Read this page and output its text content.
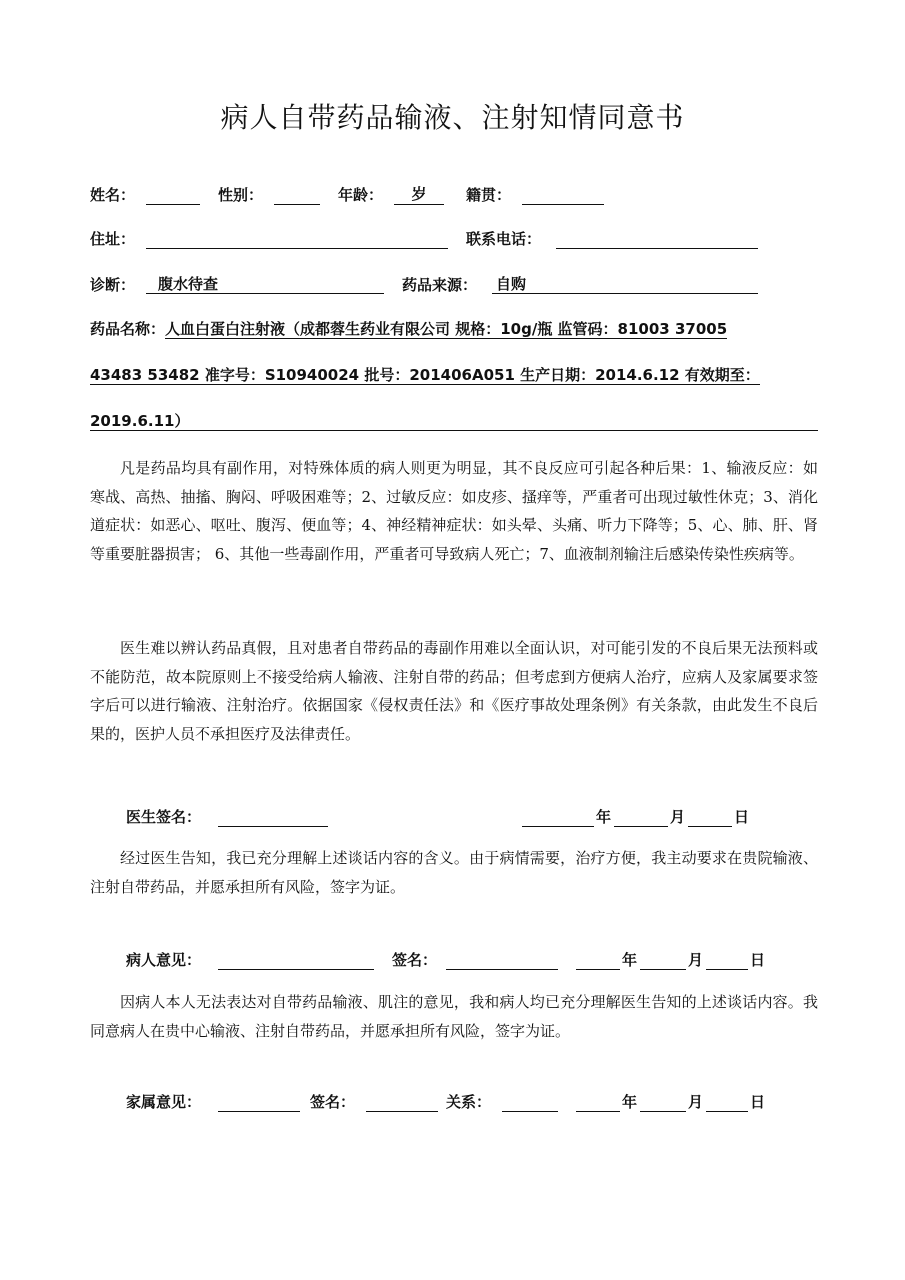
病人自带药品输液、注射知情同意书
姓名：	性别：	年龄：	岁	籍贯：
住址：	联系电话：
诊断：	腹水待查	药品来源： 自购
药品名称：人血白蛋白注射液（成都蓉生药业有限公司 规格：10g/瓶 监管码：81003 37005
43483 53482 准字号：S10940024 批号：201406A051 生产日期：2014.6.12 有效期至：
2019.6.11）

凡是药品均具有副作用，对特殊体质的病人则更为明显，其不良反应可引起各种后果：1、输液反应：如寒战、高热、抽搐、胸闷、呼吸困难等；2、过敏反应：如皮疹、搔痒等，严重者可出现过敏性休克；3、消化道症状：如恶心、呕吐、腹泻、便血等；4、神经精神症状：如头晕、头痛、听力下降等；5、心、肺、肝、肾等重要脏器损害； 6、其他一些毒副作用，严重者可导致病人死亡；7、血液制剂输注后感染传染性疾病等。

医生难以辨认药品真假，且对患者自带药品的毒副作用难以全面认识，对可能引发的不良后果无法预料或不能防范，故本院原则上不接受给病人输液、注射自带的药品；但考虑到方便病人治疗，应病人及家属要求签字后可以进行输液、注射治疗。依据国家《侵权责任法》和《医疗事故处理条例》有关条款，由此发生不良后果的，医护人员不承担医疗及法律责任。

医生签名：	年	月	日

经过医生告知，我已充分理解上述谈话内容的含义。由于病情需要，治疗方便，我主动要求在贵院输液、注射自带药品，并愿承担所有风险，签字为证。

病人意见：	签名：	年	月	日

因病人本人无法表达对自带药品输液、肌注的意见，我和病人均已充分理解医生告知的上述谈话内容。我同意病人在贵中心输液、注射自带药品，并愿承担所有风险，签字为证。

家属意见：	签名：	关系：	年	月	日
